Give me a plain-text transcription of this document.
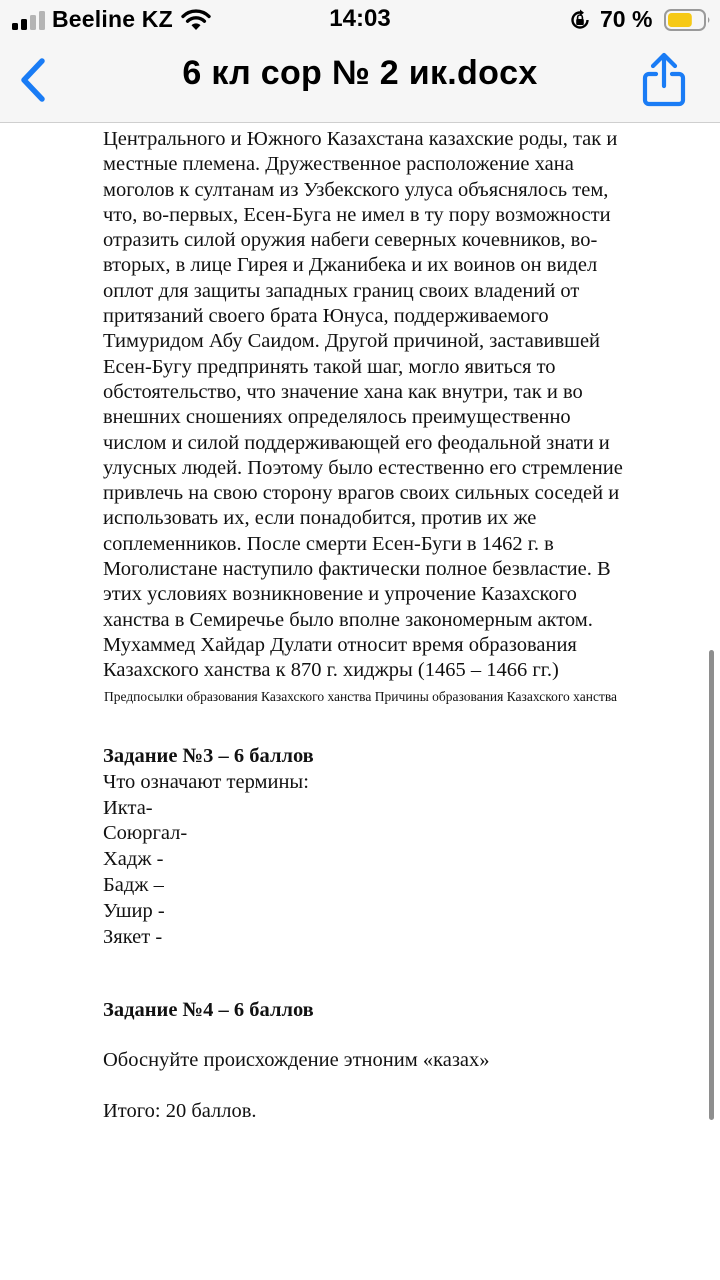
Beeline KZ	14:03	70 %
6 кл сор № 2 ик.docx
Центрального и Южного Казахстана казахские роды, так и
местные племена. Дружественное расположение хана
моголов к султанам из Узбекского улуса объяснялось тем,
что, во-первых, Есен-Буга не имел в ту пору возможности
отразить силой оружия набеги северных кочевников, во-
вторых, в лице Гирея и Джанибека и их воинов он видел
оплот для защиты западных границ своих владений от
притязаний своего брата Юнуса, поддерживаемого
Тимуридом Абу Саидом. Другой причиной, заставившей
Есен-Бугу предпринять такой шаг, могло явиться то
обстоятельство, что значение хана как внутри, так и во
внешних сношениях определялось преимущественно
числом и силой поддерживающей его феодальной знати и
улусных людей. Поэтому было естественно его стремление
привлечь на свою сторону врагов своих сильных соседей и
использовать их, если понадобится, против их же
соплеменников. После смерти Есен-Буги в 1462 г. в
Моголистане наступило фактически полное безвластие. В
этих условиях возникновение и упрочение Казахского
ханства в Семиречье было вполне закономерным актом.
Мухаммед Хайдар Дулати относит время образования
Казахского ханства к 870 г. хиджры (1465 – 1466 гг.)
Предпосылки образования Казахского ханства Причины образования Казахского ханства
Задание №3 – 6 баллов
Что означают термины:
Икта-
Союргал-
Хадж -
Бадж –
Ушир -
Зякет -
Задание №4 – 6 баллов
Обоснуйте происхождение этноним «казах»
Итого: 20 баллов.
